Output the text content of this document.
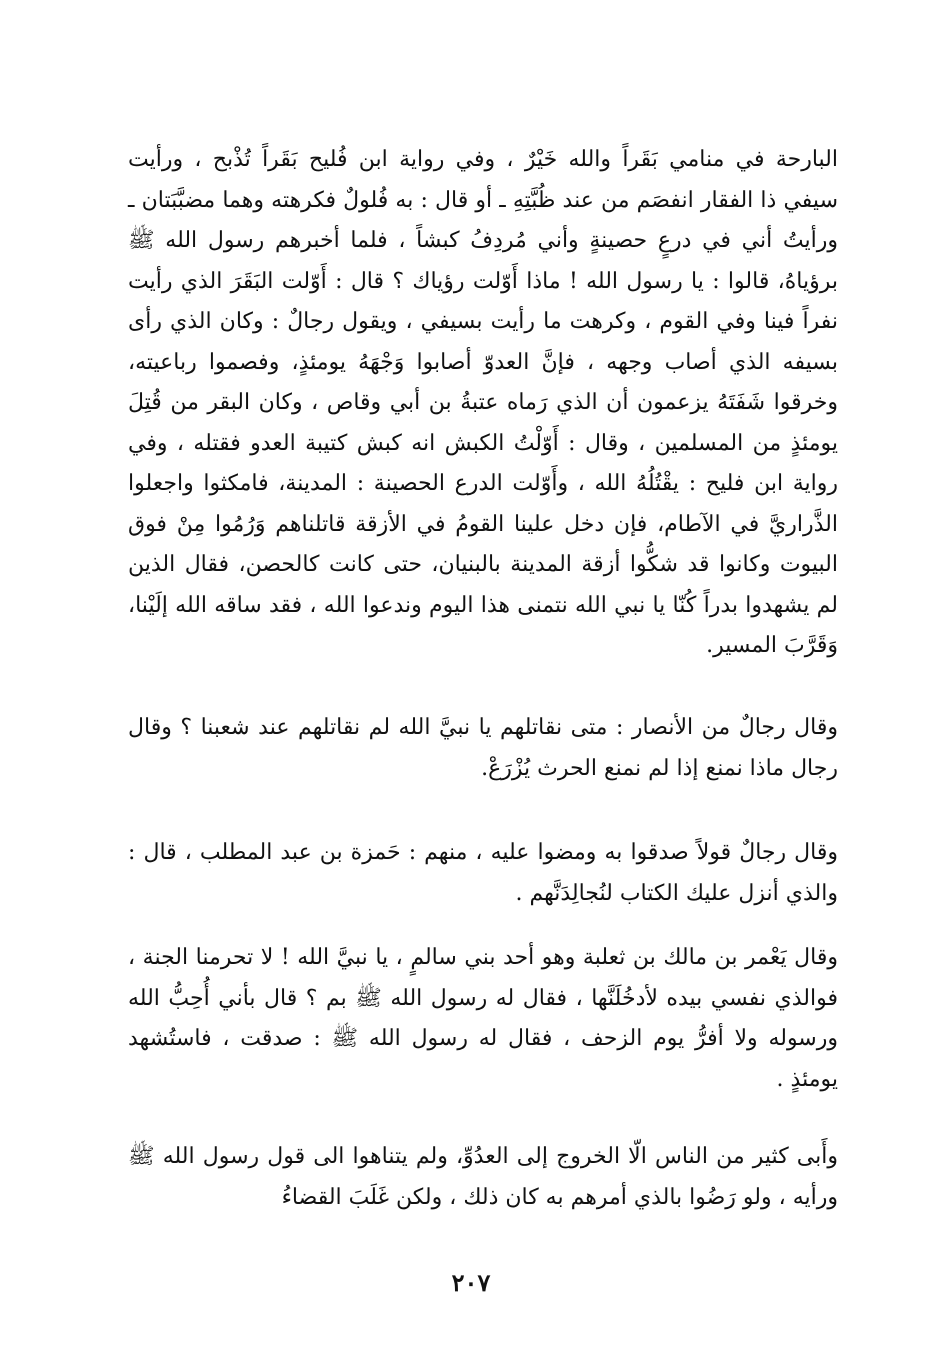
البارحة في منامي بَقَراً والله خَيْرٌ ، وفي رواية ابن فُليح بَقَراً تُذْبح ، ورأيت سيفي ذا الفقار انفصَم من عند ظُبَّتِهِ ـ أو قال : به فُلولٌ فكرهته وهما مضبَّبَتان ـ ورأيتُ أني في درعٍ حصينةٍ وأني مُردِفُ كبشاً ، فلما أخبرهم رسول الله ﷺ برؤياهُ، قالوا : يا رسول الله ! ماذا أَوّلت رؤياك ؟ قال : أَوّلت البَقَرَ الذي رأيت نفراً فينا وفي القوم ، وكرهت ما رأيت بسيفي ، ويقول رجالٌ : وكان الذي رأى بسيفه الذي أصاب وجهه ، فإنَّ العدوّ أصابوا وَجْهَهُ يومئذٍ، وفصموا رباعيته، وخرقوا شَفَتَهُ يزعمون أن الذي رَماه عتبةُ بن أبي وقاص ، وكان البقر من قُتِلَ يومئذٍ من المسلمين ، وقال : أَوّلْتُ الكبش انه كبش كتيبة العدو فقتله ، وفي رواية ابن فليح : يقْتُلُهُ الله ، وأَوّلت الدرع الحصينة : المدينة، فامكثوا واجعلوا الذَّراريَّ في الآطام، فإن دخل علينا القومُ في الأزقة قاتلناهم وَرُمُوا مِنْ فوق البيوت وكانوا قد شكُّوا أزقة المدينة بالبنيان، حتى كانت كالحصن، فقال الذين لم يشهدوا بدراً كُنّا يا نبي الله نتمنى هذا اليوم وندعوا الله ، فقد ساقه الله إلَيْنا، وَقَرَّبَ المسير.

وقال رجالٌ من الأنصار : متى نقاتلهم يا نبيَّ الله لم نقاتلهم عند شعبنا ؟ وقال رجال ماذا نمنع إذا لم نمنع الحرث يُزْرَعْ.

وقال رجالٌ قولاً صدقوا به ومضوا عليه ، منهم : حَمزة بن عبد المطلب ، قال : والذي أنزل عليك الكتاب لنُجالِدَنَّهم .

وقال يَعْمر بن مالك بن ثعلبة وهو أحد بني سالمٍ ، يا نبيَّ الله ! لا تحرمنا الجنة ، فوالذي نفسي بيده لأدخُلَنَّها ، فقال له رسول الله ﷺ بم ؟ قال بأني أُحِبُّ الله ورسوله ولا أفرُّ يوم الزحف ، فقال له رسول الله ﷺ : صدقت ، فاستُشهد يومئذٍ .

وأَبى كثير من الناس الّا الخروج إلى العدُوِّ، ولم يتناهوا الى قول رسول الله ﷺ ورأيه ، ولو رَضُوا بالذي أمرهم به كان ذلك ، ولكن غَلَبَ القضاءُ

٢٠٧
